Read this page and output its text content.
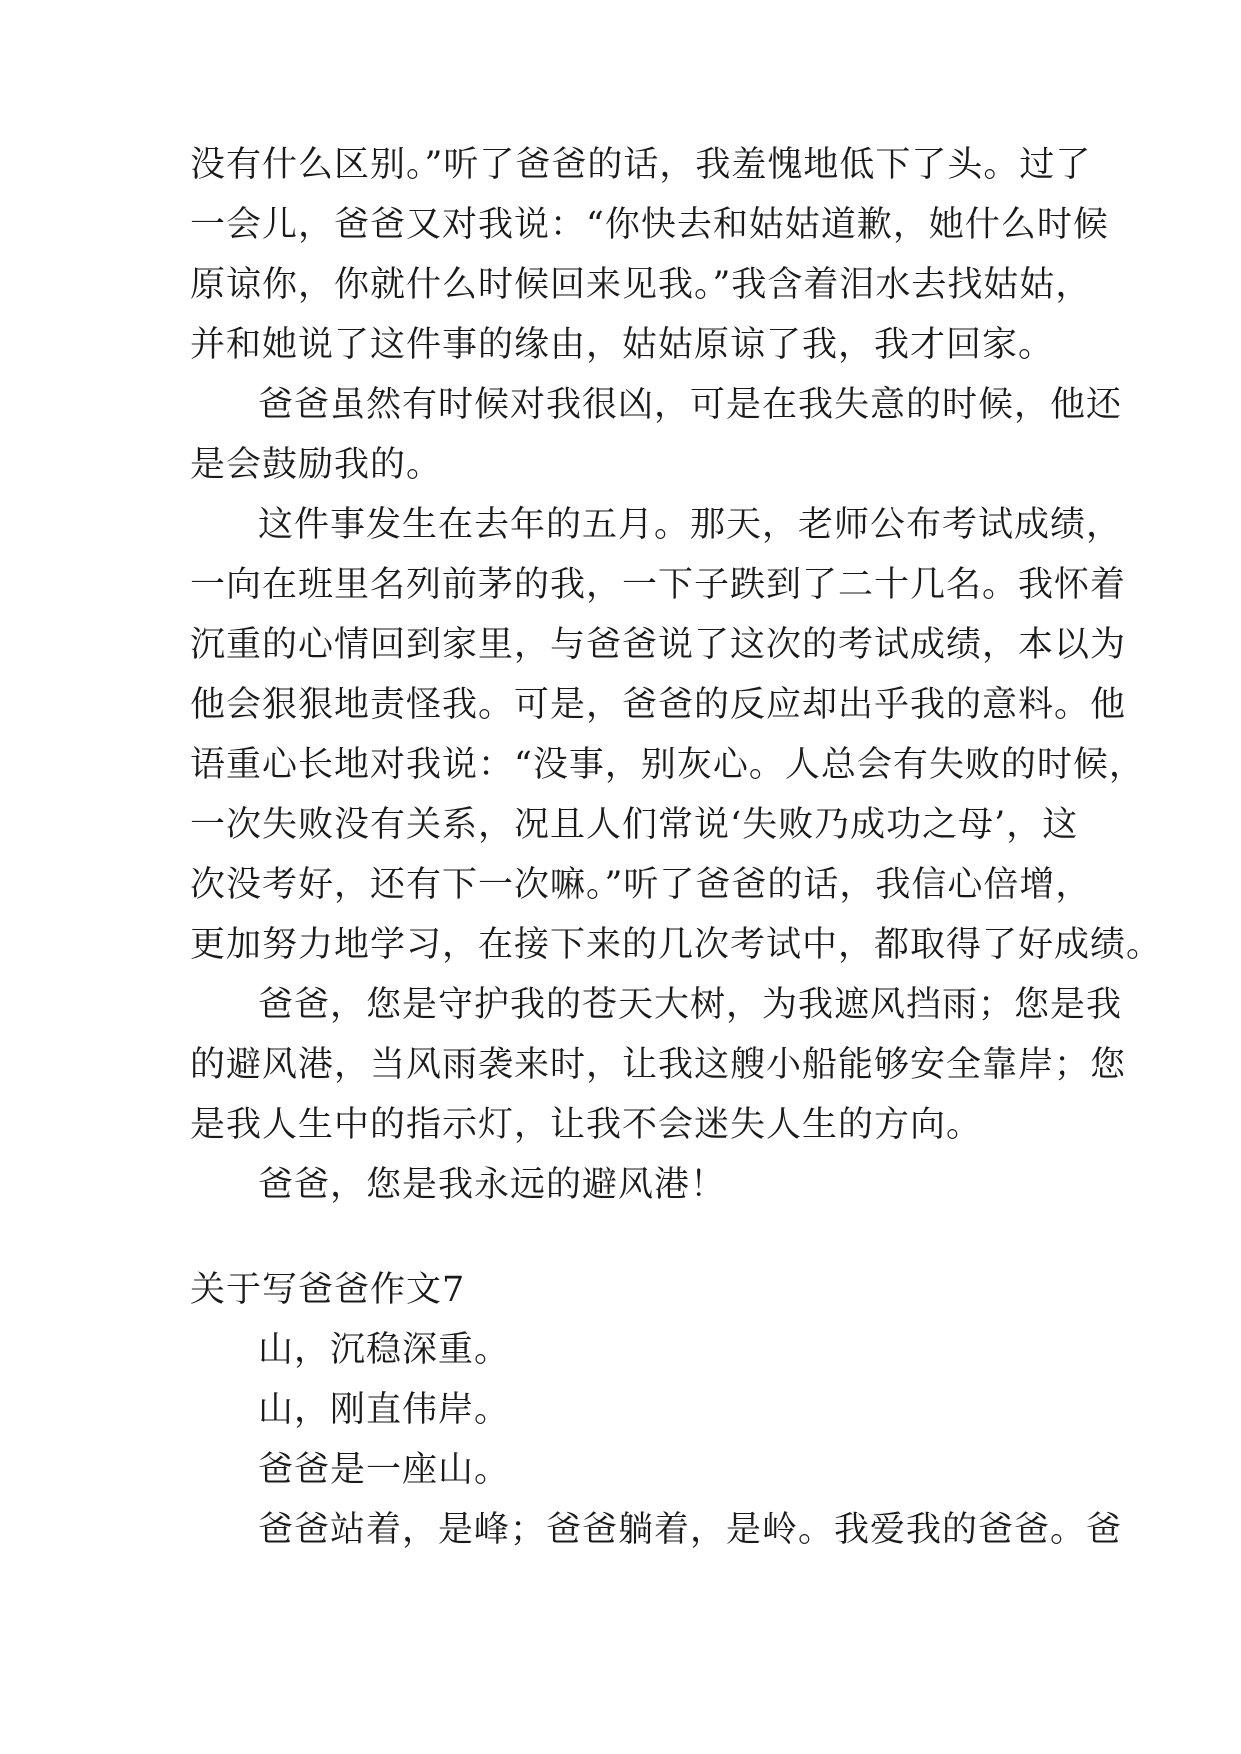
没有什么区别。”听了爸爸的话，我羞愧地低下了头。过了
一会儿，爸爸又对我说：“你快去和姑姑道歉，她什么时候
原谅你，你就什么时候回来见我。”我含着泪水去找姑姑，
并和她说了这件事的缘由，姑姑原谅了我，我才回家。
爸爸虽然有时候对我很凶，可是在我失意的时候，他还
是会鼓励我的。
这件事发生在去年的五月。那天，老师公布考试成绩，
一向在班里名列前茅的我，一下子跌到了二十几名。我怀着
沉重的心情回到家里，与爸爸说了这次的考试成绩，本以为
他会狠狠地责怪我。可是，爸爸的反应却出乎我的意料。他
语重心长地对我说：“没事，别灰心。人总会有失败的时候，
一次失败没有关系，况且人们常说‘失败乃成功之母’，这
次没考好，还有下一次嘛。”听了爸爸的话，我信心倍增，
更加努力地学习，在接下来的几次考试中，都取得了好成绩。
爸爸，您是守护我的苍天大树，为我遮风挡雨；您是我
的避风港，当风雨袭来时，让我这艘小船能够安全靠岸；您
是我人生中的指示灯，让我不会迷失人生的方向。
爸爸，您是我永远的避风港！
关于写爸爸作文7
山，沉稳深重。
山，刚直伟岸。
爸爸是一座山。
爸爸站着，是峰；爸爸躺着，是岭。我爱我的爸爸。爸
